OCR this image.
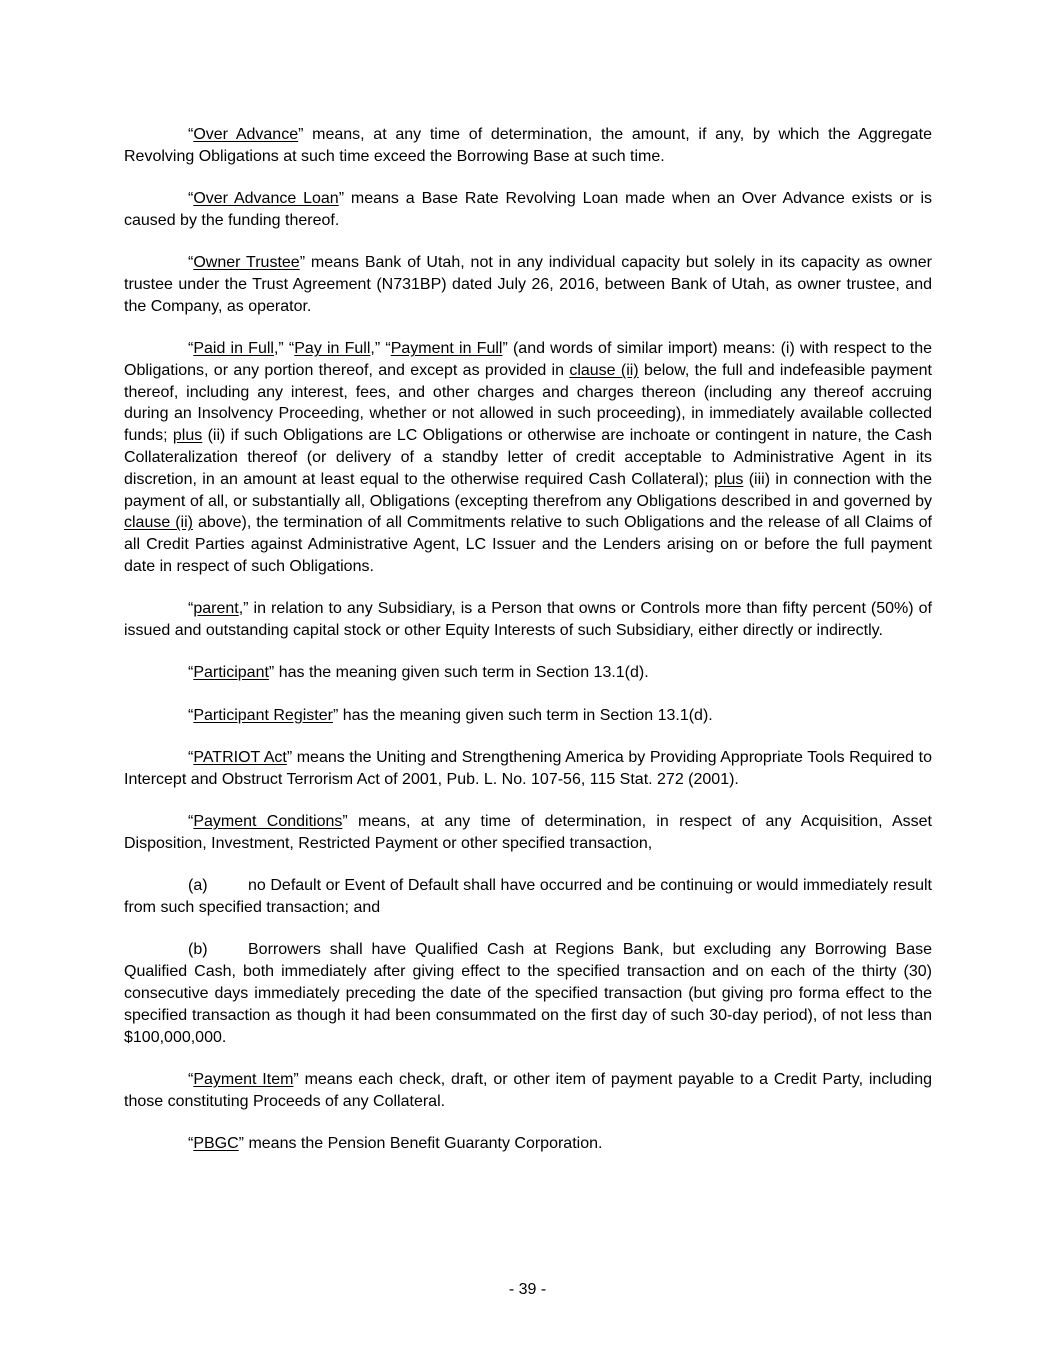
“Over Advance” means, at any time of determination, the amount, if any, by which the Aggregate Revolving Obligations at such time exceed the Borrowing Base at such time.

“Over Advance Loan” means a Base Rate Revolving Loan made when an Over Advance exists or is caused by the funding thereof.

“Owner Trustee” means Bank of Utah, not in any individual capacity but solely in its capacity as owner trustee under the Trust Agreement (N731BP) dated July 26, 2016, between Bank of Utah, as owner trustee, and the Company, as operator.

“Paid in Full,” “Pay in Full,” “Payment in Full” (and words of similar import) means: (i) with respect to the Obligations, or any portion thereof, and except as provided in clause (ii) below, the full and indefeasible payment thereof, including any interest, fees, and other charges and charges thereon (including any thereof accruing during an Insolvency Proceeding, whether or not allowed in such proceeding), in immediately available collected funds; plus (ii) if such Obligations are LC Obligations or otherwise are inchoate or contingent in nature, the Cash Collateralization thereof (or delivery of a standby letter of credit acceptable to Administrative Agent in its discretion, in an amount at least equal to the otherwise required Cash Collateral); plus (iii) in connection with the payment of all, or substantially all, Obligations (excepting therefrom any Obligations described in and governed by clause (ii) above), the termination of all Commitments relative to such Obligations and the release of all Claims of all Credit Parties against Administrative Agent, LC Issuer and the Lenders arising on or before the full payment date in respect of such Obligations.

“parent,” in relation to any Subsidiary, is a Person that owns or Controls more than fifty percent (50%) of issued and outstanding capital stock or other Equity Interests of such Subsidiary, either directly or indirectly.

“Participant” has the meaning given such term in Section 13.1(d).

“Participant Register” has the meaning given such term in Section 13.1(d).

“PATRIOT Act” means the Uniting and Strengthening America by Providing Appropriate Tools Required to Intercept and Obstruct Terrorism Act of 2001, Pub. L. No. 107-56, 115 Stat. 272 (2001).

“Payment Conditions” means, at any time of determination, in respect of any Acquisition, Asset Disposition, Investment, Restricted Payment or other specified transaction,

(a)	no Default or Event of Default shall have occurred and be continuing or would immediately result from such specified transaction; and

(b)	Borrowers shall have Qualified Cash at Regions Bank, but excluding any Borrowing Base Qualified Cash, both immediately after giving effect to the specified transaction and on each of the thirty (30) consecutive days immediately preceding the date of the specified transaction (but giving pro forma effect to the specified transaction as though it had been consummated on the first day of such 30-day period), of not less than $100,000,000.

“Payment Item” means each check, draft, or other item of payment payable to a Credit Party, including those constituting Proceeds of any Collateral.

“PBGC” means the Pension Benefit Guaranty Corporation.

- 39 -
